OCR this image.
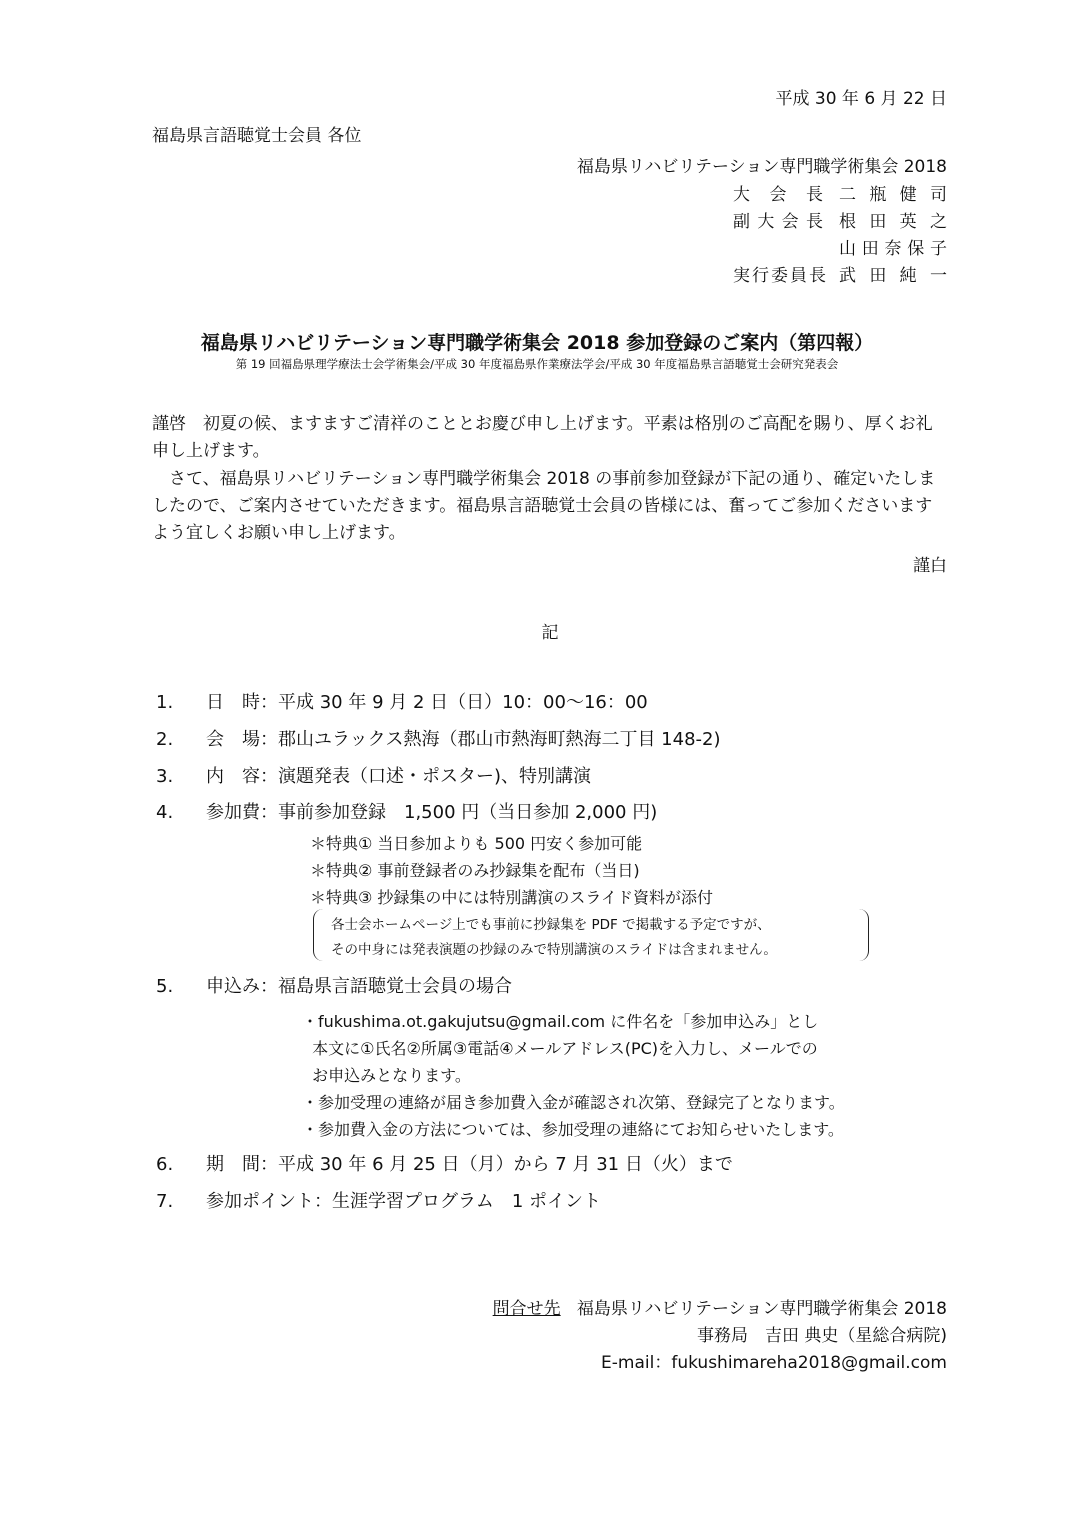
平成 30 年 6 月 22 日
福島県言語聴覚士会員 各位
福島県リハビリテーション専門職学術集会 2018
大会長 二瓶健司
副大会長 根田英之
山田奈保子
実行委員長 武田純一
福島県リハビリテーション専門職学術集会 2018 参加登録のご案内（第四報）
第 19 回福島県理学療法士会学術集会/平成 30 年度福島県作業療法学会/平成 30 年度福島県言語聴覚士会研究発表会
謹啓　初夏の候、ますますご清祥のこととお慶び申し上げます。平素は格別のご高配を賜り、厚くお礼申し上げます。
　さて、福島県リハビリテーション専門職学術集会 2018 の事前参加登録が下記の通り、確定いたしましたので、ご案内させていただきます。福島県言語聴覚士会員の皆様には、奮ってご参加くださいますよう宜しくお願い申し上げます。
謹白
記
1. 日　時：平成 30 年 9 月 2 日（日）10：00〜16：00
2. 会　場：郡山ユラックス熱海（郡山市熱海町熱海二丁目 148-2)
3. 内　容：演題発表（口述・ポスター)、特別講演
4. 参加費：事前参加登録　1,500 円（当日参加 2,000 円)
＊特典① 当日参加よりも 500 円安く参加可能
＊特典② 事前登録者のみ抄録集を配布（当日)
＊特典③ 抄録集の中には特別講演のスライド資料が添付
各士会ホームページ上でも事前に抄録集を PDF で掲載する予定ですが、
その中身には発表演題の抄録のみで特別講演のスライドは含まれません。
5. 申込み：福島県言語聴覚士会員の場合
・fukushima.ot.gakujutsu@gmail.com に件名を「参加申込み」とし
本文に①氏名②所属③電話④メールアドレス(PC)を入力し、メールでの
お申込みとなります。
・参加受理の連絡が届き参加費入金が確認され次第、登録完了となります。
・参加費入金の方法については、参加受理の連絡にてお知らせいたします。
6. 期　間：平成 30 年 6 月 25 日（月）から 7 月 31 日（火）まで
7. 参加ポイント：生涯学習プログラム　1 ポイント
問合せ先 福島県リハビリテーション専門職学術集会 2018
事務局　吉田 典史（星総合病院)
E-mail：fukushimareha2018@gmail.com
